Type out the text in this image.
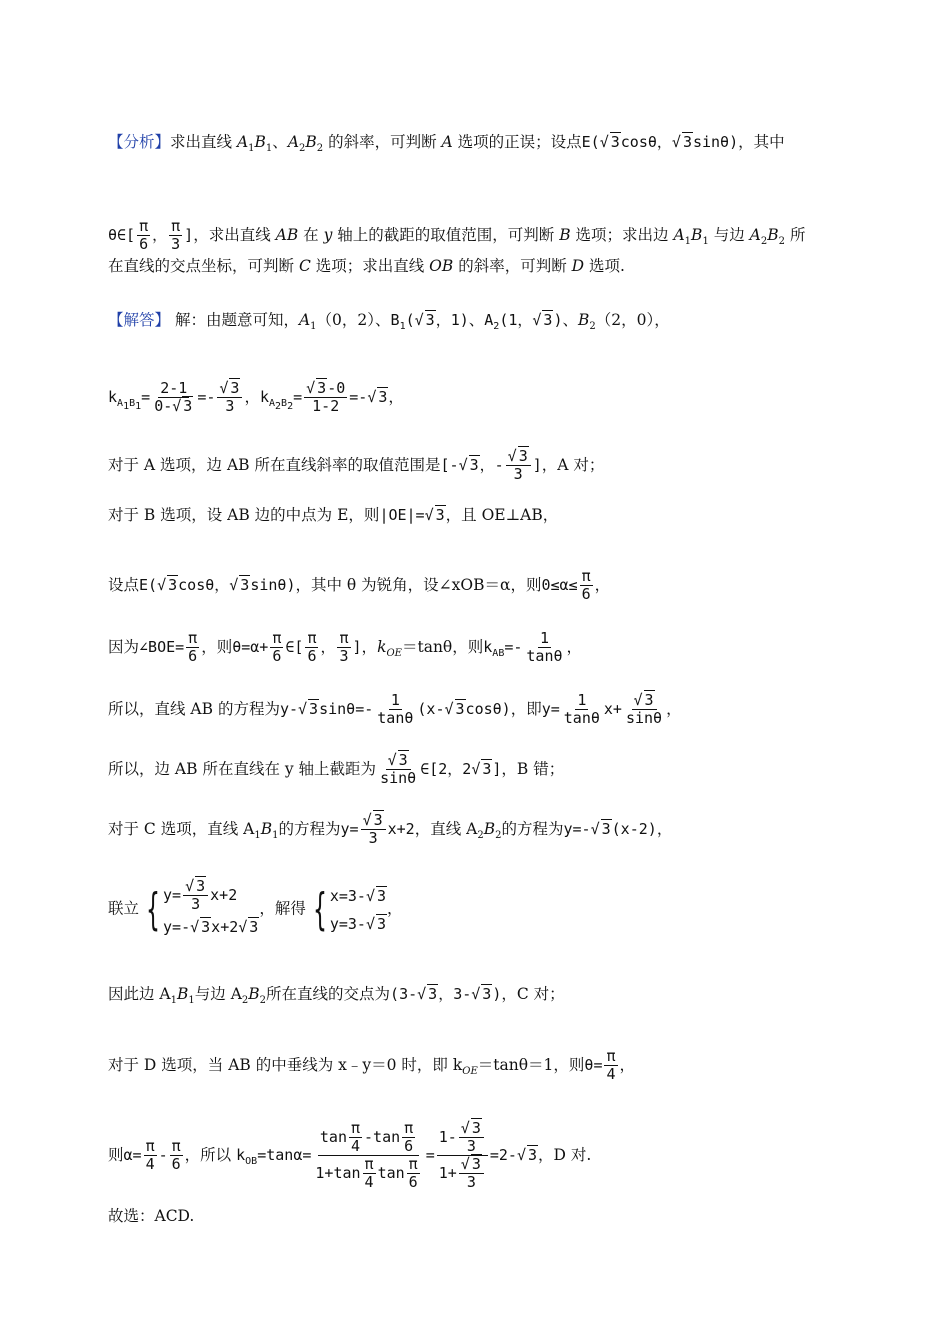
【分析】求出直线 $A_1B_1$、$A_2B_2$ 的斜率，可判断 A 选项的正误；设点E(√ 3cosθ，√ 3sinθ)，其中
θ∈[ $\frac{\pi}{6}$ ， $\frac{\pi}{3}$ ]，求出直线 AB 在 y 轴上的截距的取值范围，可判断 B 选项；求出边 $A_1B_1$ 与边 $A_2B_2$ 所
在直线的交点坐标，可判断 C 选项；求出直线 OB 的斜率，可判断 D 选项.
【解答】 解：由题意可知，$A_1(0$，2）、$B_1(√$ 3，1)、$A_2(1$，√ 3)、$B_2(2$，0），
$k_{A_1B_1}= \frac{2-1}{0-√ 3} =- \frac{√ 3}{3}$ ，$k_{A_2B_2}= \frac{√ 3-0}{1-2}$ =-√ 3，
对于 A 选项，边 AB 所在直线斜率的取值范围是[-√ 3，- $\frac{√ 3}{3}$ ]，A 对；
对于 B 选项，设 AB 边的中点为 E，则|OE|=√ 3，且 OE⊥AB，
设点E(√ 3cosθ，√ 3sinθ)，其中 θ 为锐角，设∠xOB＝α，则$0\le\alpha\le \frac{\pi}{6}$ ，
因为∠BOE= $\frac{\pi}{6}$ ，则$\theta=\alpha+ \frac{\pi}{6}$ ∈[ $\frac{\pi}{6}$ ， $\frac{\pi}{3}$ ]，$k_{OE}=\tan\theta$，则$k_{AB}=- \frac{1}{\tan\theta}$ ，
所以，直线 AB 的方程为y-√ $3\sin\theta=- \frac{1}{\tan\theta} (x-√$ 3cosθ)，即$y= \frac{1}{\tan\theta} x+ \frac{√ 3}{\sin\theta}$ ，
所以，边 AB 所在直线在 y 轴上截距为 $\frac{√ 3}{\sin\theta}$ ∈[2，2√ 3]，B 错；
对于 C 选项，直线 $A_1B_1$的方程为$y= \frac{√ 3}{3} x+2$，直线 $A_2B_2$的方程为y=-√ 3(x-2)，
联立 { $y= \frac{√ 3}{3} x+2$
y=-√ 3x+2√ 3
，解得 { x=3-√ 3
y=3-√ 3
，
因此边 $A_1B_1$与边 $A_2B_2$所在直线的交点为(3-√ 3，3-√ 3)，C 对；
对于 D 选项，当 AB 的中垂线为 x﹣y＝0 时，即 $k_{OE}=\tan\theta=1$，则$\theta= \frac{\pi}{4}$ ，
则$\alpha= \frac{\pi}{4} - \frac{\pi}{6}$ ，所以 $k_{OB}=\tan\alpha= \frac{\tan \frac{\pi}{4} -\tan \frac{\pi}{6}}{1+\tan \frac{\pi}{4} \tan \frac{\pi}{6}} = \frac{1- \frac{√ 3}{3}}{1+ \frac{√ 3}{3}} =2-√$ 3，D 对.
故选：ACD.
